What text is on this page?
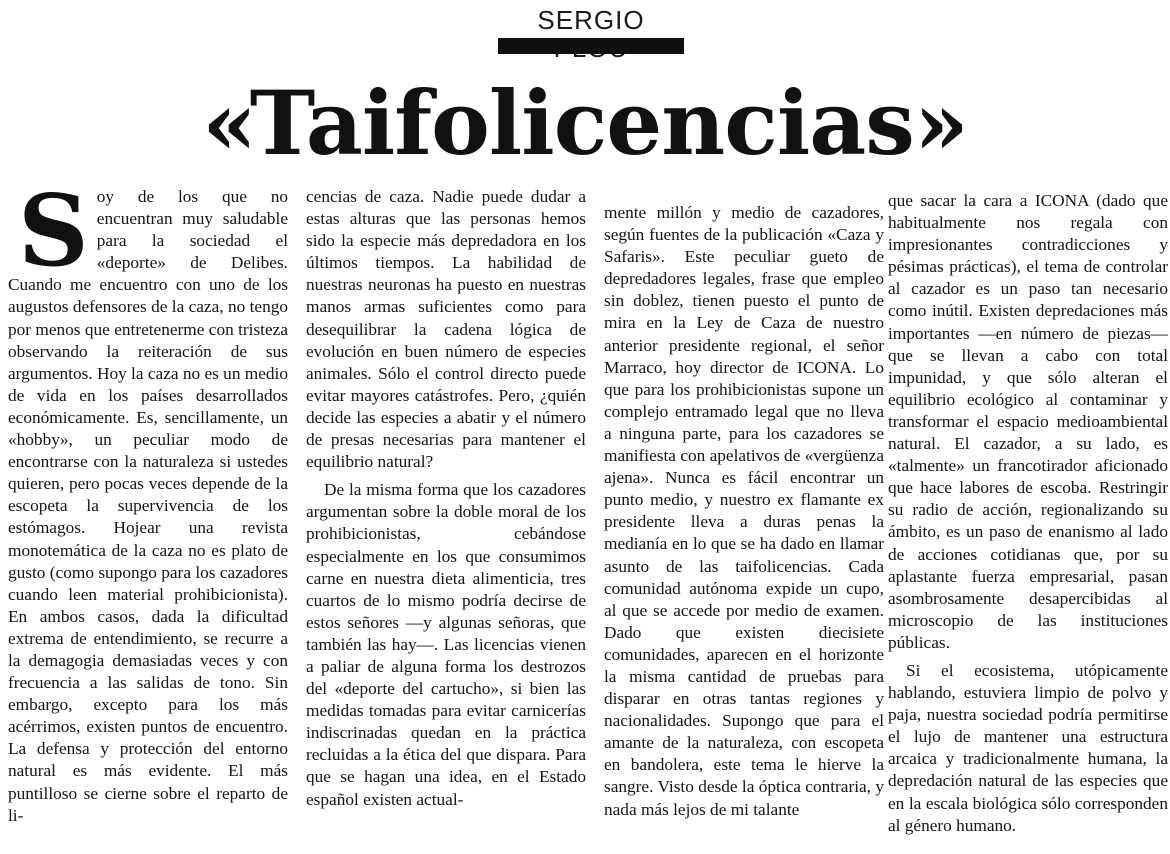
SERGIO
«Taifolicencias»

Soy de los que no encuentran muy saludable para la sociedad el «deporte» de Delibes. Cuando me encuentro con uno de los augustos defensores de la caza, no tengo por menos que entretenerme con tristeza observando la reiteración de sus argumentos. Hoy la caza no es un medio de vida en los países desarrollados económicamente. Es, sencillamente, un «hobby», un peculiar modo de encontrarse con la naturaleza si ustedes quieren, pero pocas veces depende de la escopeta la supervivencia de los estómagos. Hojear una revista monotemática de la caza no es plato de gusto (como supongo para los cazadores cuando leen material prohibicionista). En ambos casos, dada la dificultad extrema de entendimiento, se recurre a la demagogia demasiadas veces y con frecuencia a las salidas de tono. Sin embargo, excepto para los más acérrimos, existen puntos de encuentro. La defensa y protección del entorno natural es más evidente. El más puntilloso se cierne sobre el reparto de li-

cencias de caza. Nadie puede dudar a estas alturas que las personas hemos sido la especie más depredadora en los últimos tiempos. La habilidad de nuestras neuronas ha puesto en nuestras manos armas suficientes como para desequilibrar la cadena lógica de evolución en buen número de especies animales. Sólo el control directo puede evitar mayores catástrofes. Pero, ¿quién decide las especies a abatir y el número de presas necesarias para mantener el equilibrio natural?

De la misma forma que los cazadores argumentan sobre la doble moral de los prohibicionistas, cebándose especialmente en los que consumimos carne en nuestra dieta alimenticia, tres cuartos de lo mismo podría decirse de estos señores —y algunas señoras, que también las hay—. Las licencias vienen a paliar de alguna forma los destrozos del «deporte del cartucho», si bien las medidas tomadas para evitar carnicerías indiscrinadas quedan en la práctica recluidas a la ética del que dispara. Para que se hagan una idea, en el Estado español existen actual-

mente millón y medio de cazadores, según fuentes de la publicación «Caza y Safaris». Este peculiar gueto de depredadores legales, frase que empleo sin doblez, tienen puesto el punto de mira en la Ley de Caza de nuestro anterior presidente regional, el señor Marraco, hoy director de ICONA. Lo que para los prohibicionistas supone un complejo entramado legal que no lleva a ninguna parte, para los cazadores se manifiesta con apelativos de «vergüenza ajena». Nunca es fácil encontrar un punto medio, y nuestro ex flamante ex presidente lleva a duras penas la medianía en lo que se ha dado en llamar asunto de las taifolicencias. Cada comunidad autónoma expide un cupo, al que se accede por medio de examen. Dado que existen diecisiete comunidades, aparecen en el horizonte la misma cantidad de pruebas para disparar en otras tantas regiones y nacionalidades. Supongo que para el amante de la naturaleza, con escopeta en bandolera, este tema le hierve la sangre. Visto desde la óptica contraria, y nada más lejos de mi talante

que sacar la cara a ICONA (dado que habitualmente nos regala con impresionantes contradicciones y pésimas prácticas), el tema de controlar al cazador es un paso tan necesario como inútil. Existen depredaciones más importantes —en número de piezas— que se llevan a cabo con total impunidad, y que sólo alteran el equilibrio ecológico al contaminar y transformar el espacio medioambiental natural. El cazador, a su lado, es «talmente» un francotirador aficionado que hace labores de escoba. Restringir su radio de acción, regionalizando su ámbito, es un paso de enanismo al lado de acciones cotidianas que, por su aplastante fuerza empresarial, pasan asombrosamente desapercibidas al microscopio de las instituciones públicas.

Si el ecosistema, utópicamente hablando, estuviera limpio de polvo y paja, nuestra sociedad podría permitirse el lujo de mantener una estructura arcaica y tradicionalmente humana, la depredación natural de las especies que en la escala biológica sólo corresponden al género humano.
